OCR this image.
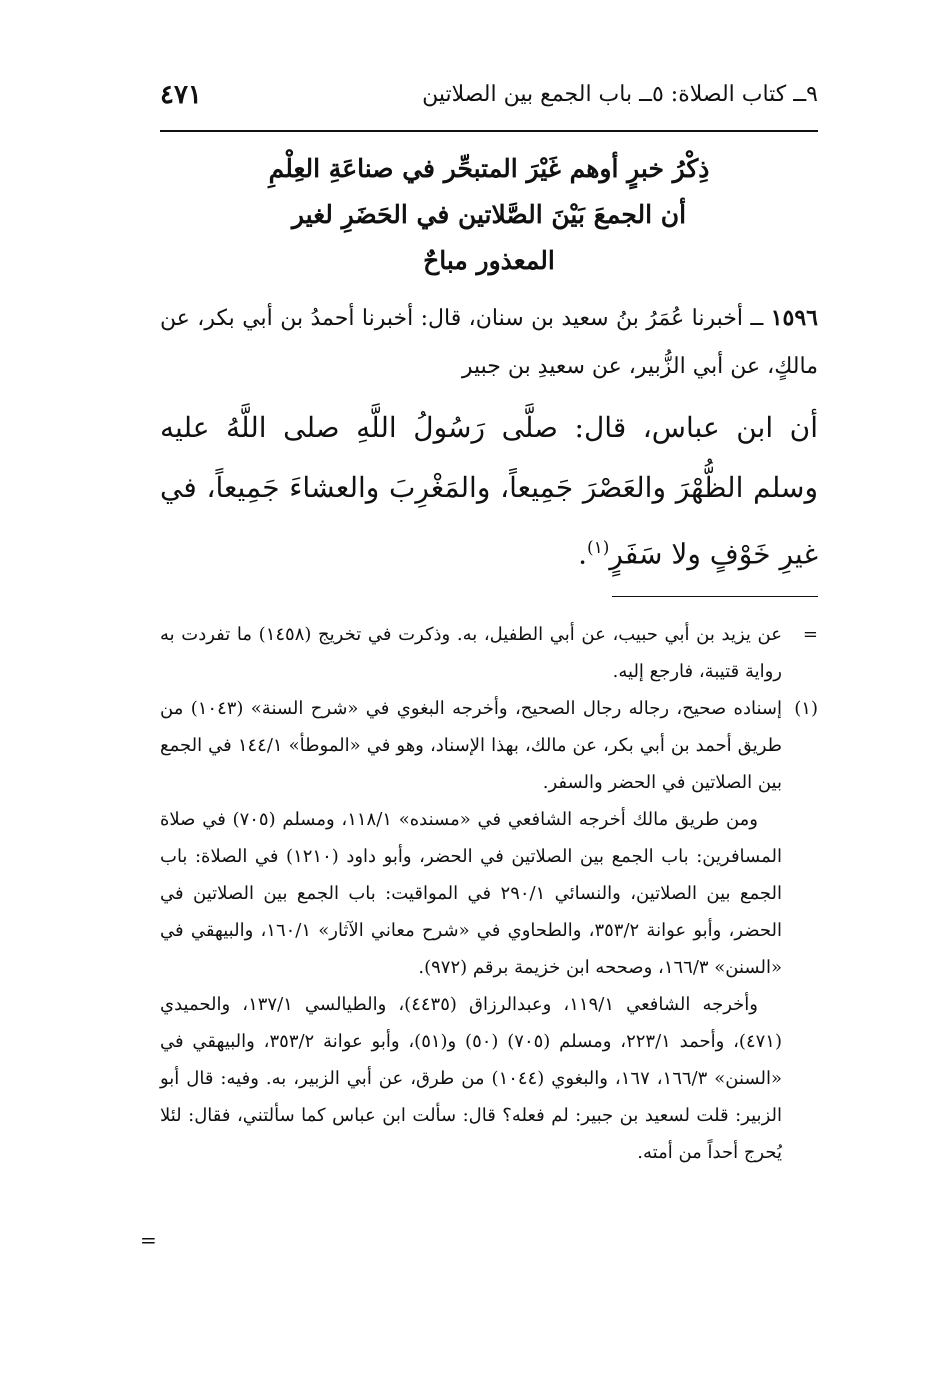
٩ــ كتاب الصلاة: ٥ــ باب الجمع بين الصلاتين
٤٧١
ذِكْرُ خبرٍ أوهم غَيْرَ المتبحِّر في صناعَةِ العِلْمِ
أن الجمعَ بَيْنَ الصَّلاتين في الحَضَرِ لغير
المعذور مباحٌ
١٥٩٦ ــ أخبرنا عُمَرُ بنُ سعيد بن سنان، قال: أخبرنا أحمدُ بن أبي بكر، عن مالكٍ، عن أبي الزُّبير، عن سعيدِ بن جبير
أن ابن عباس، قال: صلَّى رَسُولُ اللَّهِ صلى اللَّهُ عليه وسلم الظُّهْرَ والعَصْرَ جَمِيعاً، والمَغْرِبَ والعشاءَ جَمِيعاً، في غيرِ خَوْفٍ ولا سَفَرٍ$^{(١)}$.
=

عن يزيد بن أبي حبيب، عن أبي الطفيل، به. وذكرت في تخريج (١٤٥٨) ما تفردت به رواية قتيبة، فارجع إليه.

(١)

إسناده صحيح، رجاله رجال الصحيح، وأخرجه البغوي في «شرح السنة» (١٠٤٣) من طريق أحمد بن أبي بكر، عن مالك، بهذا الإسناد، وهو في «الموطأ» ١٤٤/١ في الجمع بين الصلاتين في الحضر والسفر.

ومن طريق مالك أخرجه الشافعي في «مسنده» ١١٨/١، ومسلم (٧٠٥) في صلاة المسافرين: باب الجمع بين الصلاتين في الحضر، وأبو داود (١٢١٠) في الصلاة: باب الجمع بين الصلاتين، والنسائي ٢٩٠/١ في المواقيت: باب الجمع بين الصلاتين في الحضر، وأبو عوانة ٣٥٣/٢، والطحاوي في «شرح معاني الآثار» ١٦٠/١، والبيهقي في «السنن» ١٦٦/٣، وصححه ابن خزيمة برقم (٩٧٢).

وأخرجه الشافعي ١١٩/١، وعبدالرزاق (٤٤٣٥)، والطيالسي ١٣٧/١، والحميدي (٤٧١)، وأحمد ٢٢٣/١، ومسلم (٧٠٥) (٥٠) و(٥١)، وأبو عوانة ٣٥٣/٢، والبيهقي في «السنن» ١٦٦/٣، ١٦٧، والبغوي (١٠٤٤) من طرق، عن أبي الزبير، به. وفيه: قال أبو الزبير: قلت لسعيد بن جبير: لم فعله؟ قال: سألت ابن عباس كما سألتني، فقال: لئلا يُحرج أحداً من أمته.

=
